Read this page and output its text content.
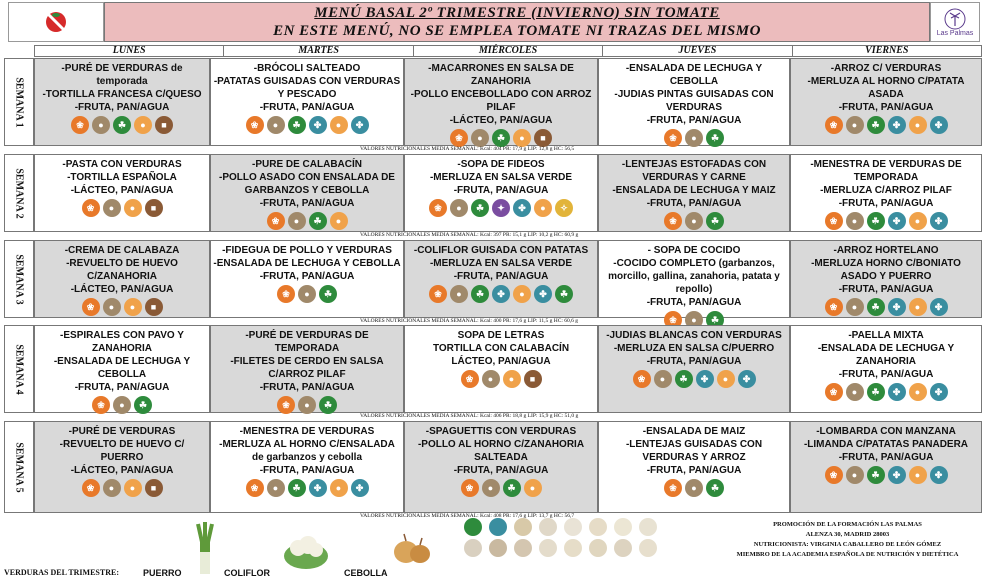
MENÚ BASAL 2º TRIMESTRE (INVIERNO) SIN TOMATE
EN ESTE MENÚ, NO SE EMPLEA TOMATE NI TRAZAS DEL MISMO	Las Palmas
LUNES	MARTES	MIÉRCOLES	JUEVES	VIERNES
SEMANA 1

-PURÉ DE VERDURAS de temporada

-TORTILLA FRANCESA C/QUESO

-FRUTA, PAN/AGUA

❀	●	☘	●	■

-BRÓCOLI SALTEADO

-PATATAS GUISADAS CON VERDURAS Y PESCADO

-FRUTA, PAN/AGUA

❀	●	☘	✤	●	✤

-MACARRONES EN SALSA DE ZANAHORIA

-POLLO ENCEBOLLADO CON ARROZ PILAF

-LÁCTEO, PAN/AGUA

❀	●	☘	●	■

-ENSALADA DE LECHUGA Y CEBOLLA

-JUDIAS PINTAS GUISADAS CON VERDURAS

-FRUTA, PAN/AGUA

❀	●	☘

-ARROZ C/ VERDURAS

-MERLUZA AL HORNO C/PATATA ASADA

-FRUTA, PAN/AGUA

❀	●	☘	✤	●	✤
SEMANA 2

-PASTA CON VERDURAS

-TORTILLA ESPAÑOLA

-LÁCTEO, PAN/AGUA

❀	●	●	■

-PURE DE CALABACÍN

-POLLO ASADO CON ENSALADA DE GARBANZOS Y CEBOLLA

-FRUTA, PAN/AGUA

❀	●	☘	●

-SOPA DE FIDEOS

-MERLUZA EN SALSA VERDE

-FRUTA, PAN/AGUA

❀	●	☘	✦	✤	●	✧

-LENTEJAS ESTOFADAS CON VERDURAS Y CARNE

-ENSALADA DE LECHUGA Y MAIZ

-FRUTA, PAN/AGUA

❀	●	☘

-MENESTRA DE VERDURAS DE TEMPORADA

-MERLUZA C/ARROZ PILAF

-FRUTA, PAN/AGUA

❀	●	☘	✤	●	✤
SEMANA 3

-CREMA DE CALABAZA

-REVUELTO DE HUEVO C/ZANAHORIA

-LÁCTEO, PAN/AGUA

❀	●	●	■

-FIDEGUA DE POLLO Y VERDURAS

-ENSALADA DE LECHUGA Y CEBOLLA

-FRUTA, PAN/AGUA

❀	●	☘

-COLIFLOR GUISADA CON PATATAS

-MERLUZA EN SALSA VERDE

-FRUTA, PAN/AGUA

❀	●	☘	✤	●	✤	☘

- SOPA DE COCIDO

-COCIDO COMPLETO (garbanzos, morcillo, gallina, zanahoria, patata y repollo)

-FRUTA, PAN/AGUA

❀	●	☘

-ARROZ HORTELANO

-MERLUZA HORNO C/BONIATO ASADO Y PUERRO

-FRUTA, PAN/AGUA

❀	●	☘	✤	●	✤
SEMANA 4

-ESPIRALES CON PAVO Y ZANAHORIA

-ENSALADA DE LECHUGA Y CEBOLLA

-FRUTA, PAN/AGUA

❀	●	☘

-PURÉ DE VERDURAS DE TEMPORADA

-FILETES DE CERDO EN SALSA C/ARROZ PILAF

-FRUTA, PAN/AGUA

❀	●	☘

SOPA DE LETRAS

TORTILLA CON CALABACÍN

LÁCTEO, PAN/AGUA

❀	●	●	■

-JUDIAS BLANCAS CON VERDURAS

-MERLUZA EN SALSA C/PUERRO

-FRUTA, PAN/AGUA

❀	●	☘	✤	●	✤

-PAELLA MIXTA

-ENSALADA DE LECHUGA Y ZANAHORIA

-FRUTA, PAN/AGUA

❀	●	☘	✤	●	✤
SEMANA 5

-PURÉ DE VERDURAS

-REVUELTO DE HUEVO C/ PUERRO

-LÁCTEO, PAN/AGUA

❀	●	●	■

-MENESTRA DE VERDURAS

-MERLUZA AL HORNO C/ENSALADA de garbanzos y cebolla

-FRUTA, PAN/AGUA

❀	●	☘	✤	●	✤

-SPAGUETTIS CON VERDURAS

-POLLO AL HORNO C/ZANAHORIA SALTEADA

-FRUTA, PAN/AGUA

❀	●	☘	●

-ENSALADA DE MAIZ

-LENTEJAS GUISADAS CON VERDURAS Y ARROZ

-FRUTA, PAN/AGUA

❀	●	☘

-LOMBARDA CON MANZANA

-LIMANDA C/PATATAS PANADERA

-FRUTA, PAN/AGUA

❀	●	☘	✤	●	✤
VERDURAS DEL TRIMESTRE:	PUERRO	COLIFLOR	CEBOLLA

PROMOCIÓN DE LA FORMACIÓN LAS PALMAS

ALENZA 30, MADRID 28003

NUTRICIONISTA: VIRGINIA CABALLERO DE LEÓN GÓMEZ

MIEMBRO DE LA ACADEMIA ESPAÑOLA DE NUTRICIÓN Y DIETÉTICA

VALORES NUTRICIONALES MEDIA SEMANAL: Kcal: 404 PR: 17,9 g LIP: 12,8 g HC: 56,5
VALORES NUTRICIONALES MEDIA SEMANAL: Kcal: 397 PR: 15,1 g LIP: 10,2 g HC: 60,9 g
VALORES NUTRICIONALES MEDIA SEMANAL: Kcal: 400 PR: 17,6 g LIP: 11,5 g HC: 60,6 g
VALORES NUTRICIONALES MEDIA SEMANAL: Kcal: 406 PR: 18,8 g LIP: 15,9 g HC: 51,0 g
VALORES NUTRICIONALES MEDIA SEMANAL: Kcal: 408 PR: 17,6 g LIP: 13,7 g HC: 56,7
